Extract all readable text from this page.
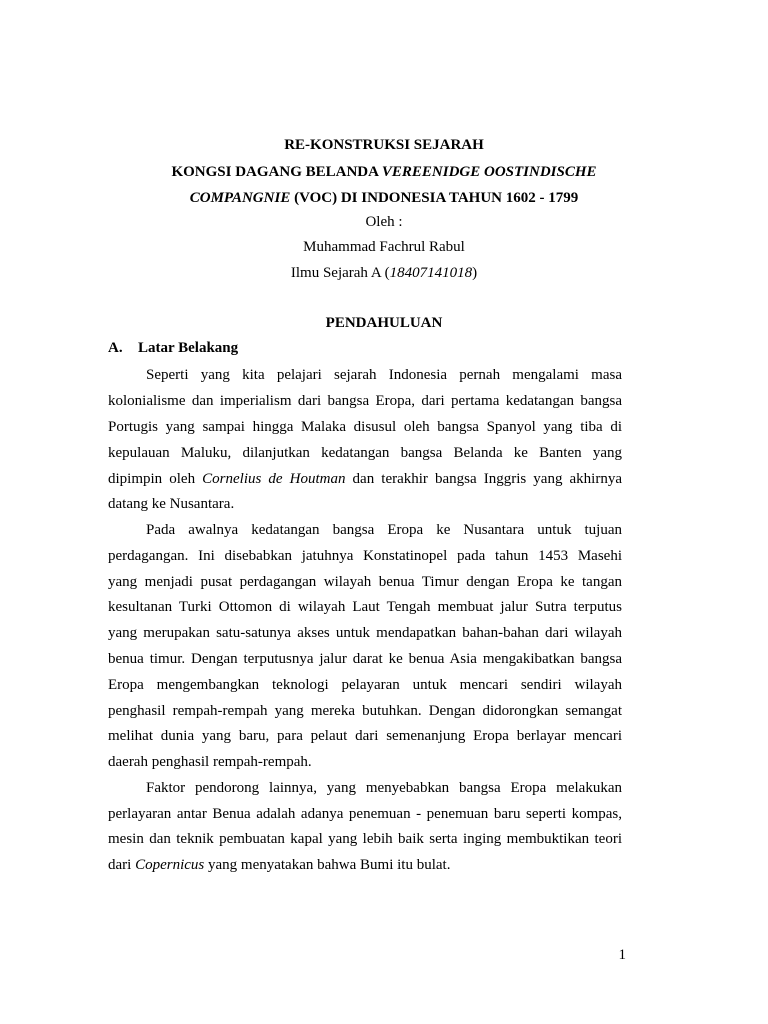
RE-KONSTRUKSI SEJARAH
KONGSI DAGANG BELANDA VEREENIDGE OOSTINDISCHE
COMPANGNIE (VOC) DI INDONESIA TAHUN 1602 - 1799
Oleh :
Muhammad Fachrul Rabul
Ilmu Sejarah A (18407141018)
PENDAHULUAN
A. Latar Belakang
Seperti yang kita pelajari sejarah Indonesia pernah mengalami masa
kolonialisme dan imperialism dari bangsa Eropa, dari pertama kedatangan bangsa
Portugis yang sampai hingga Malaka disusul oleh bangsa Spanyol yang tiba di
kepulauan Maluku, dilanjutkan kedatangan bangsa Belanda ke Banten yang
dipimpin oleh Cornelius de Houtman dan terakhir bangsa Inggris yang akhirnya
datang ke Nusantara.
Pada awalnya kedatangan bangsa Eropa ke Nusantara untuk tujuan
perdagangan. Ini disebabkan jatuhnya Konstatinopel pada tahun 1453 Masehi
yang menjadi pusat perdagangan wilayah benua Timur dengan Eropa ke tangan
kesultanan Turki Ottomon di wilayah Laut Tengah membuat jalur Sutra terputus
yang merupakan satu-satunya akses untuk mendapatkan bahan-bahan dari wilayah
benua timur. Dengan terputusnya jalur darat ke benua Asia mengakibatkan bangsa
Eropa mengembangkan teknologi pelayaran untuk mencari sendiri wilayah
penghasil rempah-rempah yang mereka butuhkan. Dengan didorongkan semangat
melihat dunia yang baru, para pelaut dari semenanjung Eropa berlayar mencari
daerah penghasil rempah-rempah.
Faktor pendorong lainnya, yang menyebabkan bangsa Eropa melakukan
perlayaran antar Benua adalah adanya penemuan - penemuan baru seperti kompas,
mesin dan teknik pembuatan kapal yang lebih baik serta inging membuktikan teori
dari Copernicus yang menyatakan bahwa Bumi itu bulat.
1
